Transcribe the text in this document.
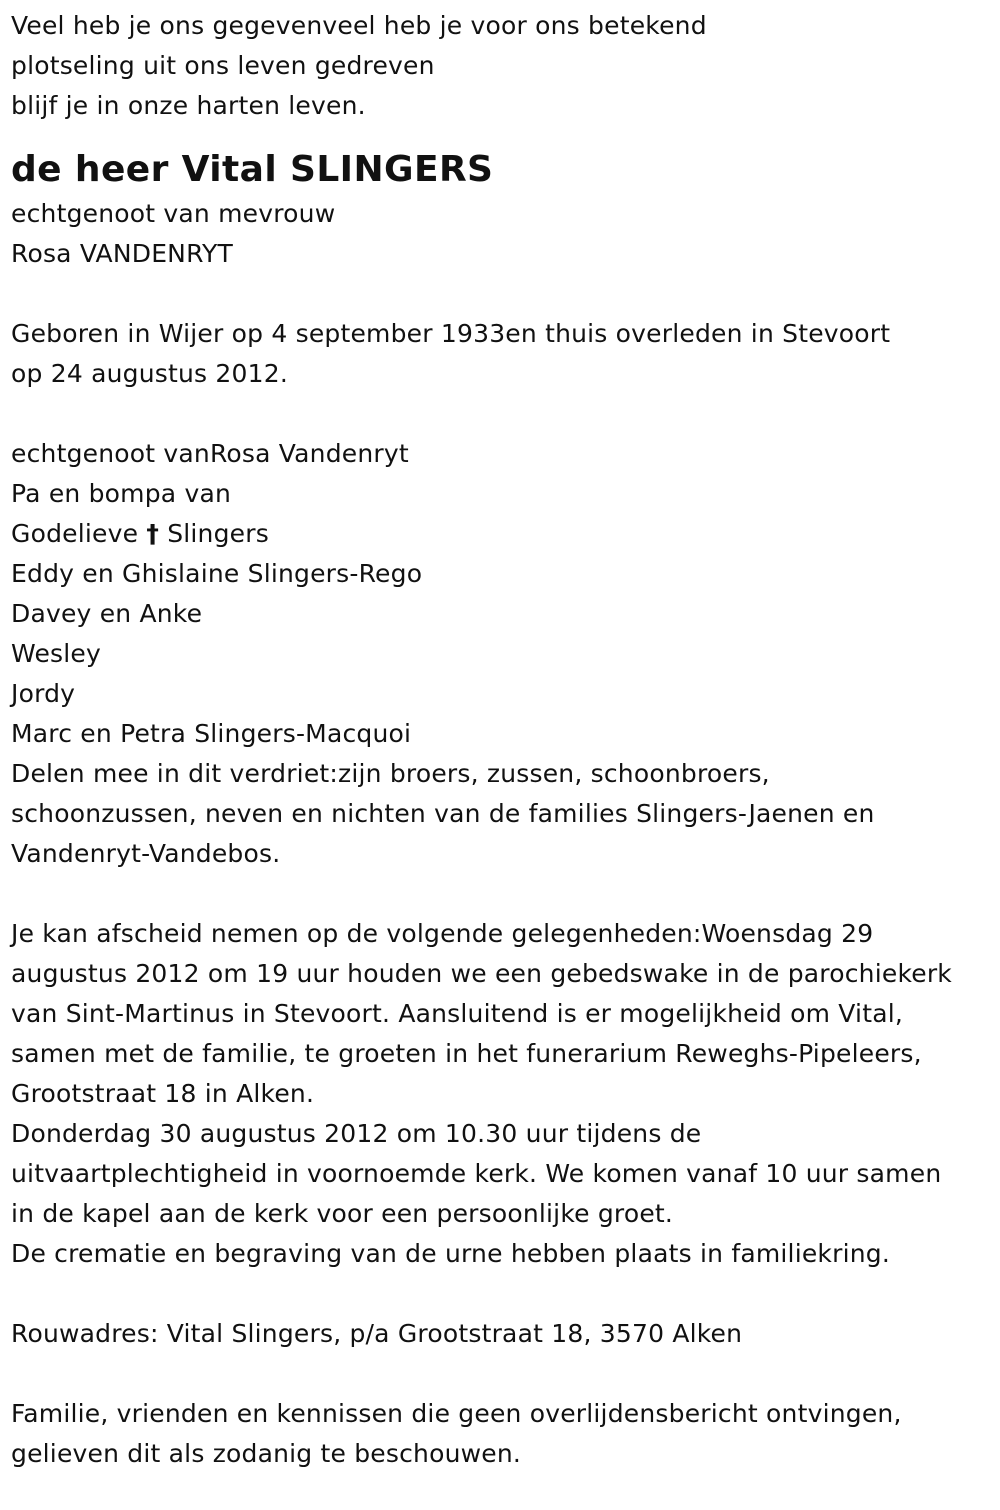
Veel heb je ons gegevenveel heb je voor ons betekend
plotseling uit ons leven gedreven
blijf je in onze harten leven.
de heer Vital SLINGERS
echtgenoot van mevrouw
Rosa VANDENRYT
Geboren in Wijer op 4 september 1933en thuis overleden in Stevoort
op 24 augustus 2012.
echtgenoot vanRosa Vandenryt
Pa en bompa van
Godelieve † Slingers
Eddy en Ghislaine Slingers-Rego
Davey en Anke
Wesley
Jordy
Marc en Petra Slingers-Macquoi
Delen mee in dit verdriet:zijn broers, zussen, schoonbroers,
schoonzussen, neven en nichten van de families Slingers-Jaenen en
Vandenryt-Vandebos.
Je kan afscheid nemen op de volgende gelegenheden:Woensdag 29
augustus 2012 om 19 uur houden we een gebedswake in de parochiekerk
van Sint-Martinus in Stevoort. Aansluitend is er mogelijkheid om Vital,
samen met de familie, te groeten in het funerarium Reweghs-Pipeleers,
Grootstraat 18 in Alken.
Donderdag 30 augustus 2012 om 10.30 uur tijdens de
uitvaartplechtigheid in voornoemde kerk. We komen vanaf 10 uur samen
in de kapel aan de kerk voor een persoonlijke groet.
De crematie en begraving van de urne hebben plaats in familiekring.
Rouwadres: Vital Slingers, p/a Grootstraat 18, 3570 Alken
Familie, vrienden en kennissen die geen overlijdensbericht ontvingen,
gelieven dit als zodanig te beschouwen.
